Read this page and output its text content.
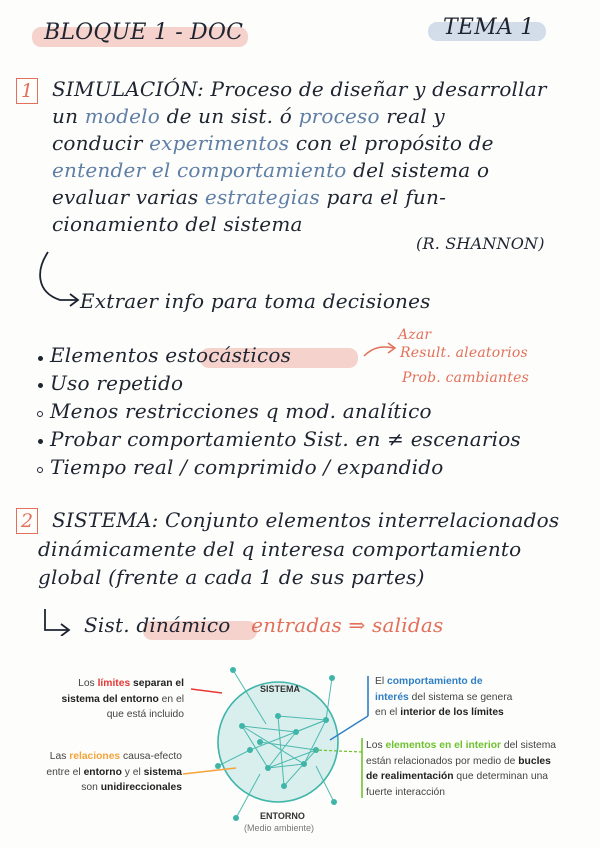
BLOQUE 1 - DOC	TEMA 1
1 SIMULACIÓN: Proceso de diseñar y desarrollar
un modelo de un sist. ó proceso real y
conducir experimentos con el propósito de
entender el comportamiento del sistema o
evaluar varias estrategias para el fun-
cionamiento del sistema
(R. SHANNON)
Extraer info para toma decisiones
Elementos estocásticos
Azar
Result. aleatorios
Prob. cambiantes
Uso repetido
Menos restricciones q mod. analítico
Probar comportamiento Sist. en ≠ escenarios
Tiempo real / comprimido / expandido
2 SISTEMA: Conjunto elementos interrelacionados
dinámicamente del q interesa comportamiento
global (frente a cada 1 de sus partes)
Sist. dinámico entradas ⇒ salidas
SISTEMA
ENTORNO
(Medio ambiente)
Los límites separan el
sistema del entorno en el
que está incluido
Las relaciones causa-efecto
entre el entorno y el sistema
son unidireccionales
El comportamiento de
interés del sistema se genera
en el interior de los límites
Los elementos en el interior del sistema
están relacionados por medio de bucles
de realimentación que determinan una
fuerte interacción
